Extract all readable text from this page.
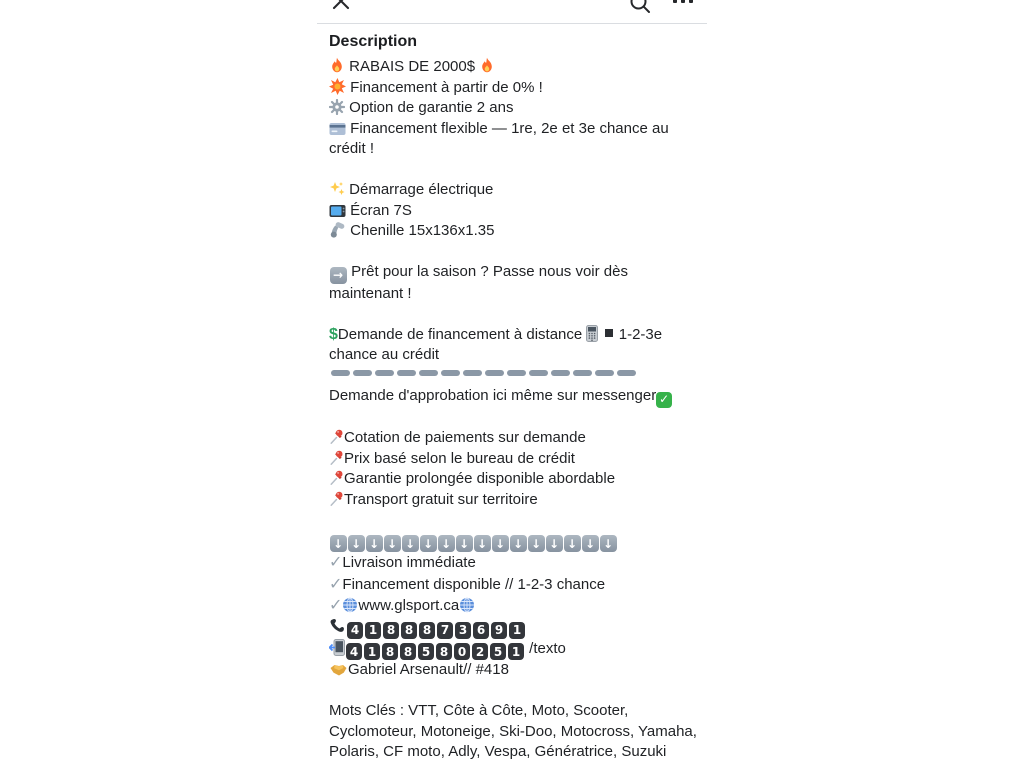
Description
RABAIS DE 2000$
Financement à partir de 0% !
Option de garantie 2 ans
Financement flexible — 1re, 2e et 3e chance au crédit !

Démarrage électrique
Écran 7S
Chenille 15x136x1.35

→ Prêt pour la saison ? Passe nous voir dès maintenant !

$Demande de financement à distance   1-2-3e chance au crédit
Demande d'approbation ici même sur messenger ✓

Cotation de paiements sur demande
Prix basé selon le bureau de crédit
Garantie prolongée disponible abordable
Transport gratuit sur territoire

↓ ↓ ↓ ↓ ↓ ↓ ↓ ↓ ↓ ↓ ↓ ↓ ↓ ↓ ↓ ↓
✓Livraison immédiate
✓Financement disponible // 1-2-3 chance
✓ www.glsport.ca
4 1 8 8 8 7 3 6 9 1
4 1 8 8 5 8 0 2 5 1 /texto
Gabriel Arsenault// #418

Mots Clés : VTT, Côte à Côte, Moto, Scooter, Cyclomoteur, Motoneige, Ski-Doo, Motocross, Yamaha, Polaris, CF moto, Adly, Vespa, Génératrice, Suzuki
